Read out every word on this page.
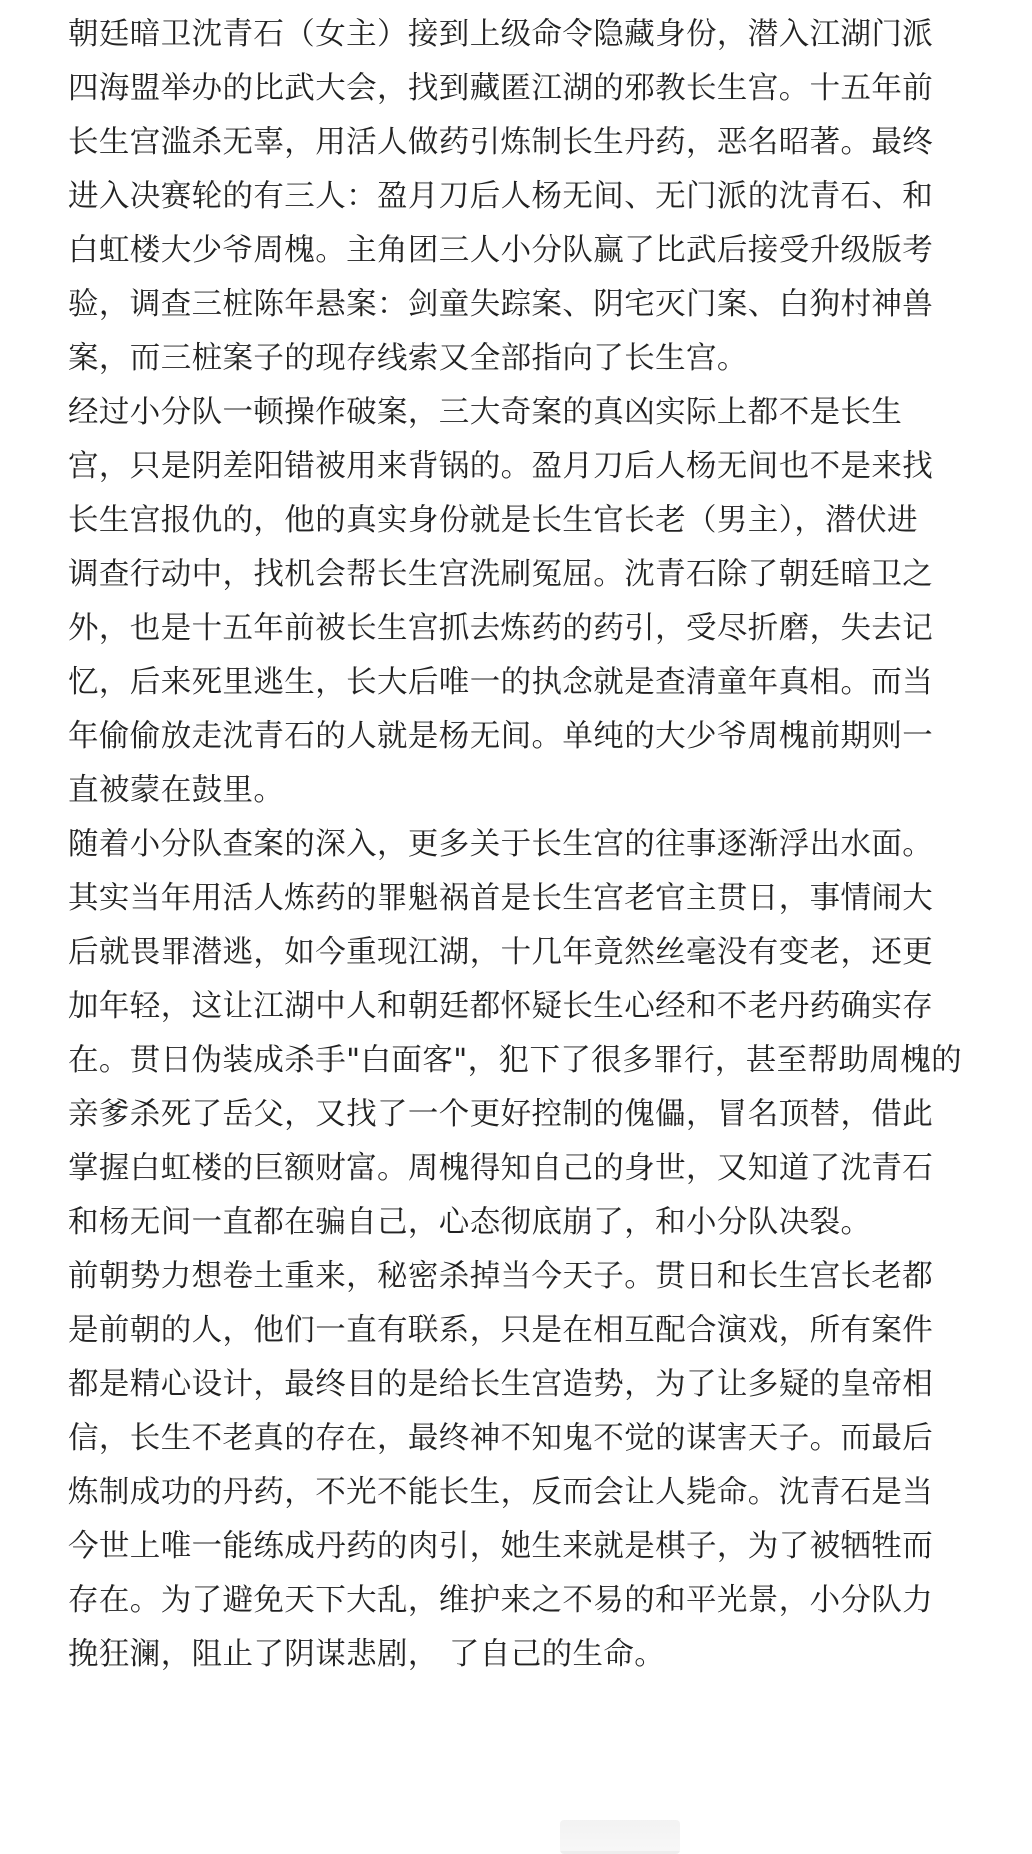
朝廷暗卫沈青石（女主）接到上级命令隐藏身份，潜入江湖门派
四海盟举办的比武大会，找到藏匿江湖的邪教长生宫。十五年前
长生宫滥杀无辜，用活人做药引炼制长生丹药，恶名昭著。最终
进入决赛轮的有三人：盈月刀后人杨无间、无门派的沈青石、和
白虹楼大少爷周槐。主角团三人小分队赢了比武后接受升级版考
验，调查三桩陈年悬案：剑童失踪案、阴宅灭门案、白狗村神兽
案，而三桩案子的现存线索又全部指向了长生宫。
经过小分队一顿操作破案，三大奇案的真凶实际上都不是长生
宫，只是阴差阳错被用来背锅的。盈月刀后人杨无间也不是来找
长生宫报仇的，他的真实身份就是长生官长老（男主），潜伏进
调查行动中，找机会帮长生宫洗刷冤屈。沈青石除了朝廷暗卫之
外，也是十五年前被长生宫抓去炼药的药引，受尽折磨，失去记
忆，后来死里逃生，长大后唯一的执念就是查清童年真相。而当
年偷偷放走沈青石的人就是杨无间。单纯的大少爷周槐前期则一
直被蒙在鼓里。
随着小分队查案的深入，更多关于长生宫的往事逐渐浮出水面。
其实当年用活人炼药的罪魁祸首是长生宫老官主贯日，事情闹大
后就畏罪潜逃，如今重现江湖，十几年竟然丝毫没有变老，还更
加年轻，这让江湖中人和朝廷都怀疑长生心经和不老丹药确实存
在。贯日伪装成杀手"白面客"，犯下了很多罪行，甚至帮助周槐的
亲爹杀死了岳父，又找了一个更好控制的傀儡，冒名顶替，借此
掌握白虹楼的巨额财富。周槐得知自己的身世，又知道了沈青石
和杨无间一直都在骗自己，心态彻底崩了，和小分队决裂。
前朝势力想卷土重来，秘密杀掉当今天子。贯日和长生宫长老都
是前朝的人，他们一直有联系，只是在相互配合演戏，所有案件
都是精心设计，最终目的是给长生宫造势，为了让多疑的皇帝相
信，长生不老真的存在，最终神不知鬼不觉的谋害天子。而最后
炼制成功的丹药，不光不能长生，反而会让人毙命。沈青石是当
今世上唯一能练成丹药的肉引，她生来就是棋子，为了被牺牲而
存在。为了避免天下大乱，维护来之不易的和平光景，小分队力
挽狂澜，阻止了阴谋悲剧， 了自己的生命。
